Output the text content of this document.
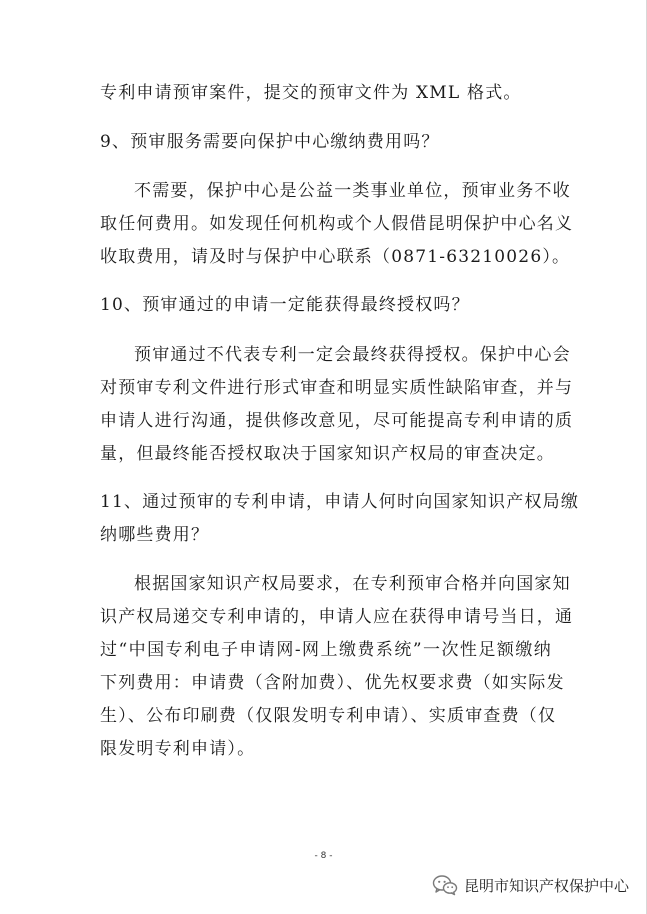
专利申请预审案件，提交的预审文件为 XML 格式。
9、预审服务需要向保护中心缴纳费用吗？
不需要，保护中心是公益一类事业单位，预审业务不收
取任何费用。如发现任何机构或个人假借昆明保护中心名义
收取费用，请及时与保护中心联系（0871-63210026）。
10、预审通过的申请一定能获得最终授权吗？
预审通过不代表专利一定会最终获得授权。保护中心会
对预审专利文件进行形式审查和明显实质性缺陷审查，并与
申请人进行沟通，提供修改意见，尽可能提高专利申请的质
量，但最终能否授权取决于国家知识产权局的审查决定。
11、通过预审的专利申请，申请人何时向国家知识产权局缴
纳哪些费用？
根据国家知识产权局要求，在专利预审合格并向国家知
识产权局递交专利申请的，申请人应在获得申请号当日，通
过“中国专利电子申请网-网上缴费系统”一次性足额缴纳
下列费用：申请费（含附加费）、优先权要求费（如实际发
生）、公布印刷费（仅限发明专利申请）、实质审查费（仅
限发明专利申请）。
- 8 -
昆明市知识产权保护中心
